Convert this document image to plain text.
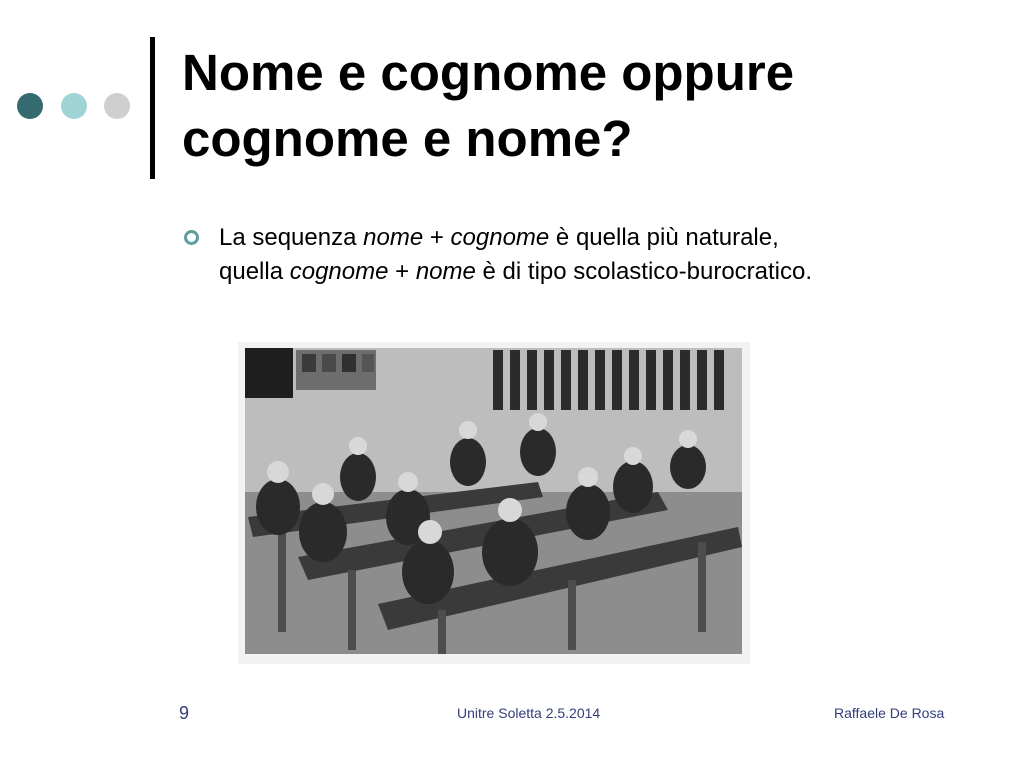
Nome e cognome oppure
cognome e nome?
La sequenza nome + cognome è quella più naturale,
quella cognome + nome è di tipo scolastico-burocratico.
9	Unitre Soletta 2.5.2014	Raffaele De Rosa
